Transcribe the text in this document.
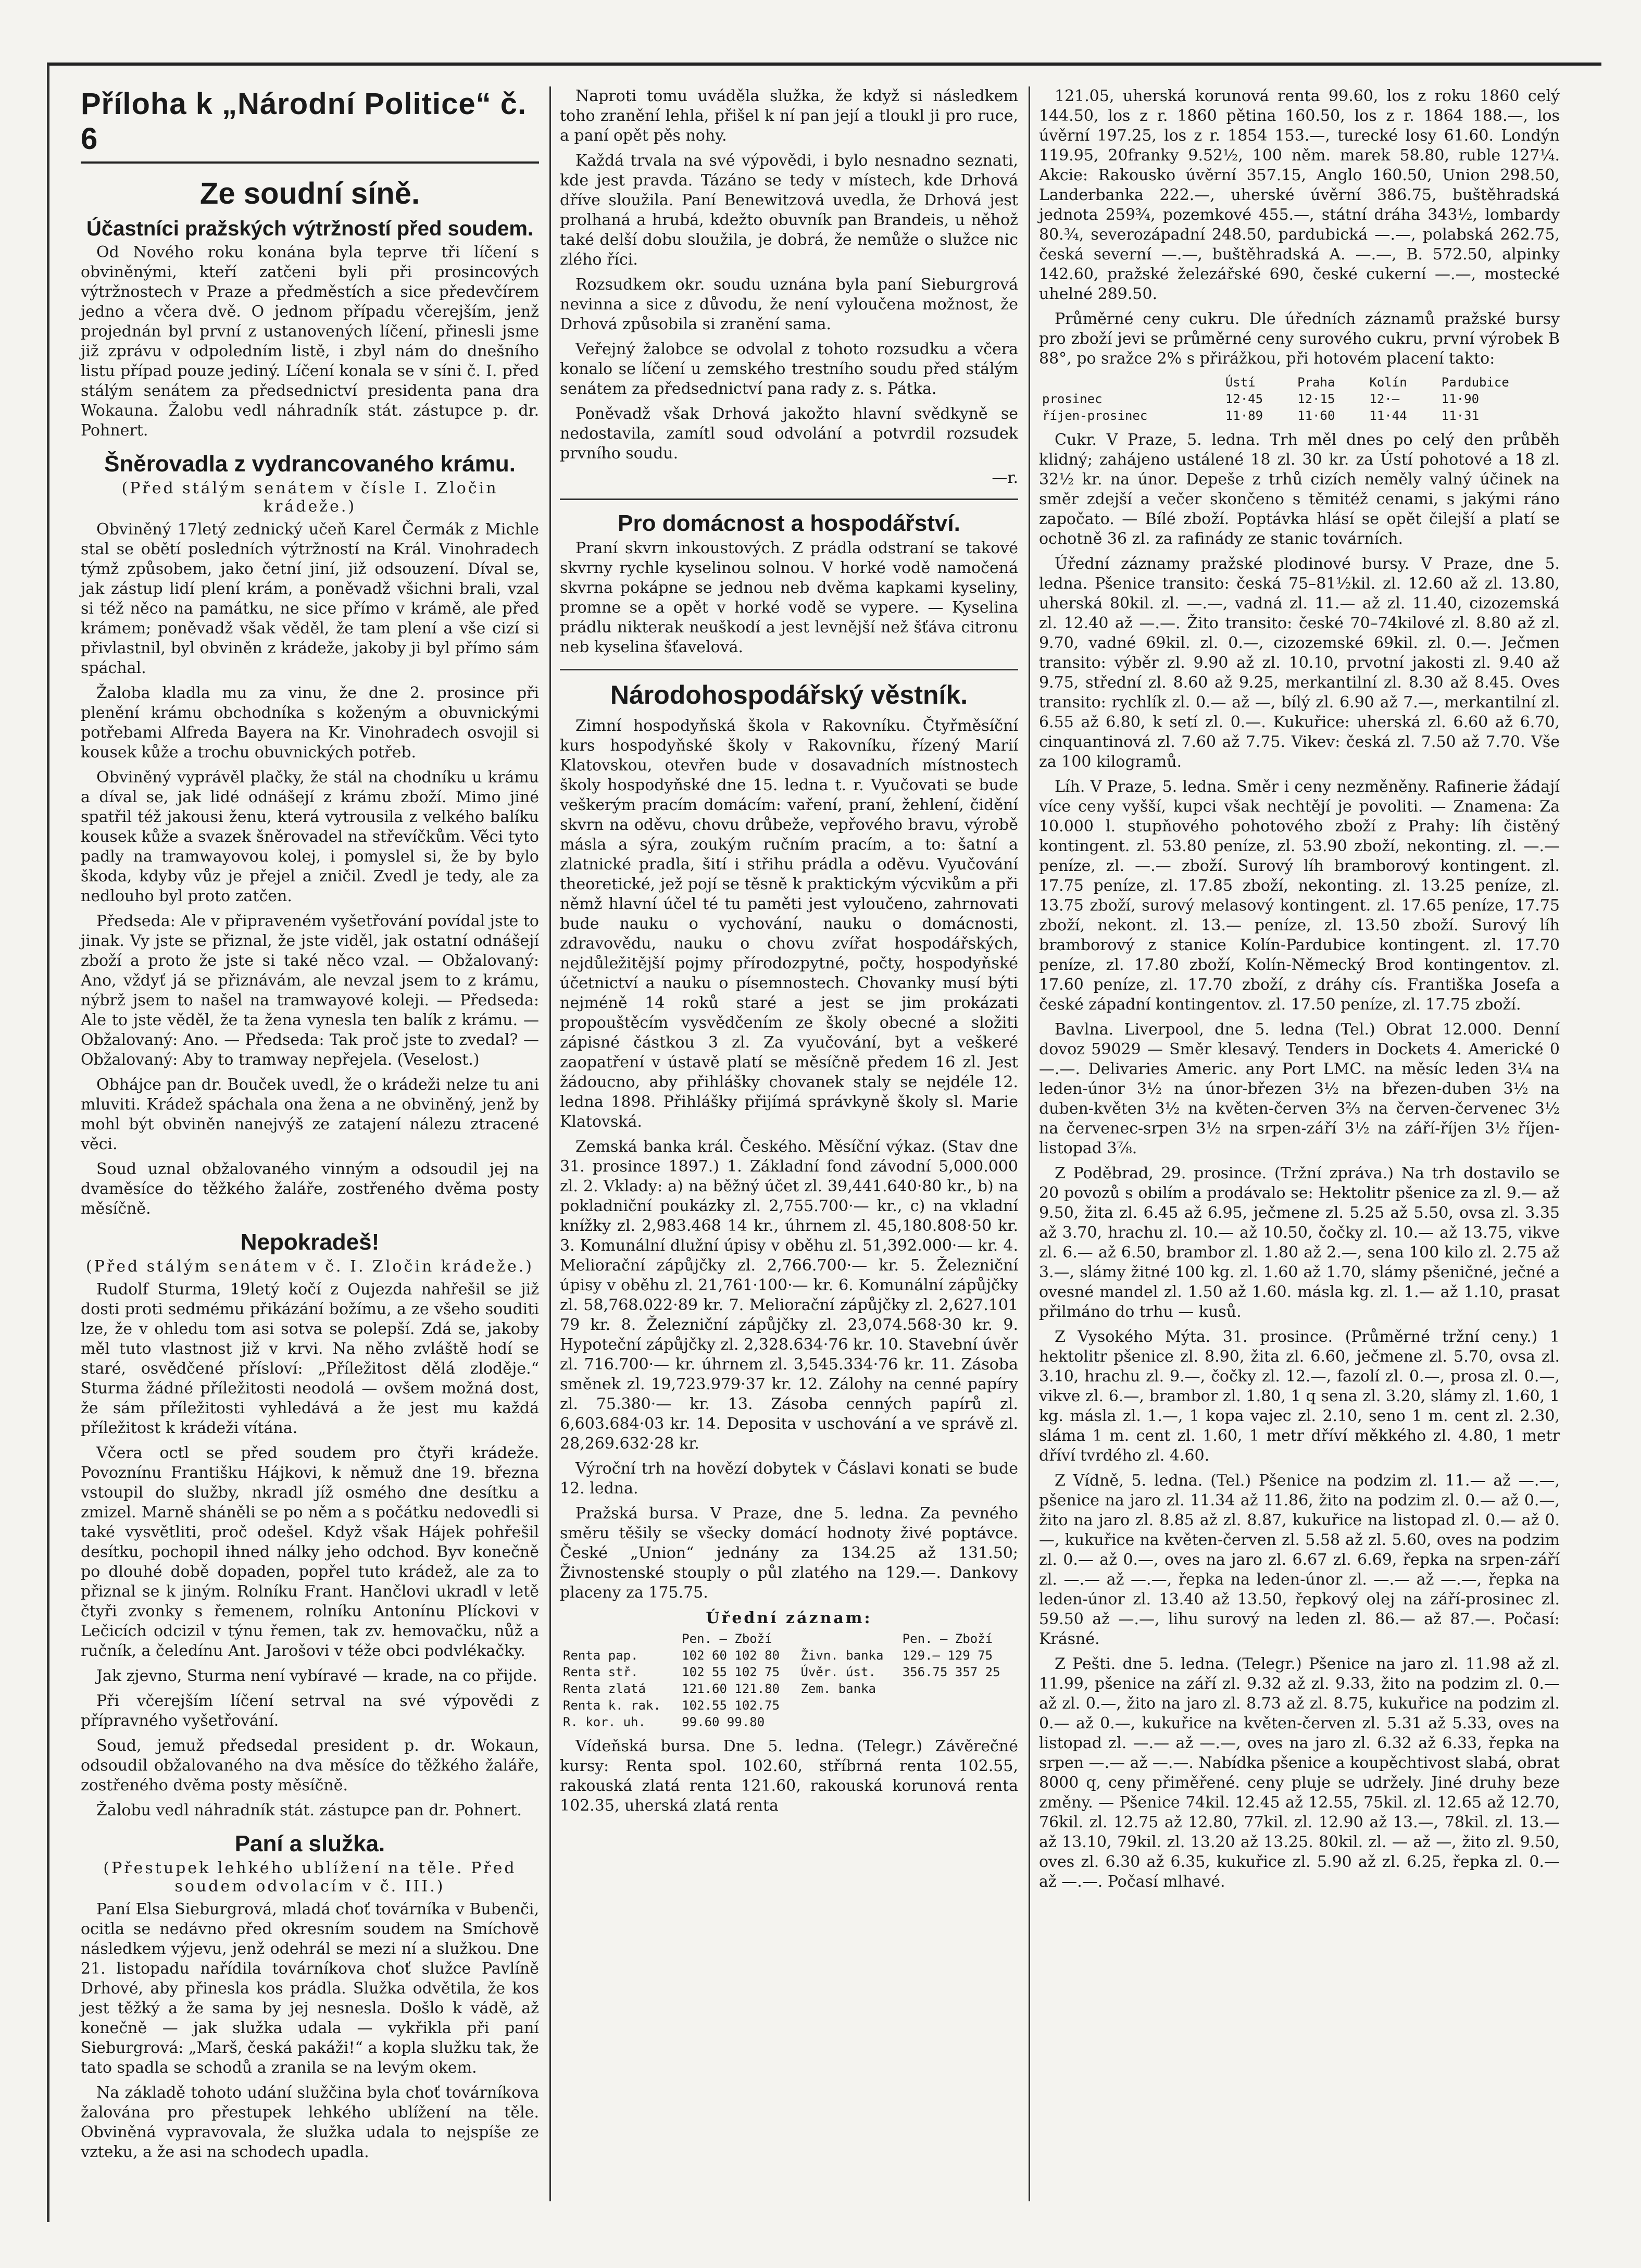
Příloha k „Národní Politice“ č. 6
Ze soudní síně.
Účastníci pražských výtržností před soudem.

Od Nového roku konána byla teprve tři líčení s obviněnými, kteří zatčeni byli při prosincových výtržnostech v Praze a předměstích a sice předevčírem jedno a včera dvě. O jednom případu včerejším, jenž projednán byl první z ustanovených líčení, přinesli jsme již zprávu v odpoledním listě, i zbyl nám do dnešního listu případ pouze jediný. Líčení konala se v síni č. I. před stálým senátem za předsednictví presidenta pana dra Wokauna. Žalobu vedl náhradník stát. zástupce p. dr. Pohnert.

Šněrovadla z vydrancovaného krámu.
(Před stálým senátem v čísle I. Zločin krádeže.)

Obviněný 17letý zednický učeň Karel Čermák z Michle stal se obětí posledních výtržností na Král. Vinohradech týmž způsobem, jako četní jiní, již odsouzení. Díval se, jak zástup lidí plení krám, a poněvadž všichni brali, vzal si též něco na památku, ne sice přímo v krámě, ale před krámem; poněvadž však věděl, že tam plení a vše cizí si přivlastnil, byl obviněn z krádeže, jakoby ji byl přímo sám spáchal.

Žaloba kladla mu za vinu, že dne 2. prosince při plenění krámu obchodníka s koženým a obuvnickými potřebami Alfreda Bayera na Kr. Vinohradech osvojil si kousek kůže a trochu obuvnických potřeb.

Obviněný vyprávěl plačky, že stál na chodníku u krámu a díval se, jak lidé odnášejí z krámu zboží. Mimo jiné spatřil též jakousi ženu, která vytrousila z velkého balíku kousek kůže a svazek šněrovadel na střevíčkům. Věci tyto padly na tramwayovou kolej, i pomyslel si, že by bylo škoda, kdyby vůz je přejel a zničil. Zvedl je tedy, ale za nedlouho byl proto zatčen.

Předseda: Ale v připraveném vyšetřování povídal jste to jinak. Vy jste se přiznal, že jste viděl, jak ostatní odnášejí zboží a proto že jste si také něco vzal. — Obžalovaný: Ano, vždyť já se přiznávám, ale nevzal jsem to z krámu, nýbrž jsem to našel na tramwayové koleji. — Předseda: Ale to jste věděl, že ta žena vynesla ten balík z krámu. — Obžalovaný: Ano. — Předseda: Tak proč jste to zvedal? — Obžalovaný: Aby to tramway nepřejela. (Veselost.)

Obhájce pan dr. Bouček uvedl, že o krádeži nelze tu ani mluviti. Krádež spáchala ona žena a ne obviněný, jenž by mohl být obviněn nanejvýš ze zatajení nálezu ztracené věci.

Soud uznal obžalovaného vinným a odsoudil jej na dvaměsíce do těžkého žaláře, zostřeného dvěma posty měsíčně.

Nepokradeš!
(Před stálým senátem v č. I. Zločin krádeže.)

Rudolf Sturma, 19letý kočí z Oujezda nahřešil se již dosti proti sedmému přikázání božímu, a ze všeho souditi lze, že v ohledu tom asi sotva se polepší. Zdá se, jakoby měl tuto vlastnost již v krvi. Na něho zvláště hodí se staré, osvědčené přísloví: „Příležitost dělá zloděje.“ Sturma žádné příležitosti neodolá — ovšem možná dost, že sám příležitosti vyhledává a že jest mu každá příležitost k krádeži vítána.

Včera octl se před soudem pro čtyři krádeže. Povoznínu Františku Hájkovi, k němuž dne 19. března vstoupil do služby, nkradl jíž osmého dne desítku a zmizel. Marně sháněli se po něm a s počátku nedovedli si také vysvětliti, proč odešel. Když však Hájek pohřešil desítku, pochopil ihned nálky jeho odchod. Byv konečně po dlouhé době dopaden, popřel tuto krádež, ale za to přiznal se k jiným. Rolníku Frant. Hančlovi ukradl v letě čtyři zvonky s řemenem, rolníku Antonínu Plíckovi v Lečicích odcizil v týnu řemen, tak zv. hemovačku, nůž a ručník, a čeledínu Ant. Jarošovi v téže obci podvlékačky.

Jak zjevno, Sturma není vybíravé — krade, na co přijde.

Při včerejším líčení setrval na své výpovědi z přípravného vyšetřování.

Soud, jemuž předsedal president p. dr. Wokaun, odsoudil obžalovaného na dva měsíce do těžkého žaláře, zostřeného dvěma posty měsíčně.

Žalobu vedl náhradník stát. zástupce pan dr. Pohnert.

Paní a služka.
(Přestupek lehkého ublížení na těle. Před soudem odvolacím v č. III.)

Paní Elsa Sieburgrová, mladá choť továrníka v Bubenči, ocitla se nedávno před okresním soudem na Smíchově následkem výjevu, jenž odehrál se mezi ní a služkou. Dne 21. listopadu nařídila továrníkova choť služce Pavlíně Drhové, aby přinesla kos prádla. Služka odvětila, že kos jest těžký a že sama by jej nesnesla. Došlo k vádě, až konečně — jak služka udala — vykřikla při paní Sieburgrová: „Marš, česká pakáži!“ a kopla služku tak, že tato spadla se schodů a zranila se na levým okem.

Na základě tohoto udání služčina byla choť továrníkova žalována pro přestupek lehkého ublížení na těle. Obviněná vypravovala, že služka udala to nejspíše ze vzteku, a že asi na schodech upadla.

Naproti tomu uváděla služka, že když si následkem toho zranění lehla, přišel k ní pan její a tloukl ji pro ruce, a paní opět pěs nohy.

Každá trvala na své výpovědi, i bylo nesnadno seznati, kde jest pravda. Tázáno se tedy v místech, kde Drhová dříve sloužila. Paní Benewitzová uvedla, že Drhová jest prolhaná a hrubá, kdežto obuvník pan Brandeis, u něhož také delší dobu sloužila, je dobrá, že nemůže o služce nic zlého říci.

Rozsudkem okr. soudu uznána byla paní Sieburgrová nevinna a sice z důvodu, že není vyloučena možnost, že Drhová způsobila si zranění sama.

Veřejný žalobce se odvolal z tohoto rozsudku a včera konalo se líčení u zemského trestního soudu před stálým senátem za předsednictví pana rady z. s. Pátka.

Poněvadž však Drhová jakožto hlavní svědkyně se nedostavila, zamítl soud odvolání a potvrdil rozsudek prvního soudu.

—r.
Pro domácnost a hospodářství.

Praní skvrn inkoustových. Z prádla odstraní se takové skvrny rychle kyselinou solnou. V horké vodě namočená skvrna pokápne se jednou neb dvěma kapkami kyseliny, promne se a opět v horké vodě se vypere. — Kyselina prádlu nikterak neuškodí a jest levnější než šťáva citronu neb kyselina šťavelová.

Národohospodářský věstník.

Zimní hospodyňská škola v Rakovníku. Čtyřměsíční kurs hospodyňské školy v Rakovníku, řízený Marií Klatovskou, otevřen bude v dosavadních místnostech školy hospodyňské dne 15. ledna t. r. Vyučovati se bude veškerým pracím domácím: vaření, praní, žehlení, čidění skvrn na oděvu, chovu drůbeže, vepřového bravu, výrobě másla a sýra, zoukým ručním pracím, a to: šatní a zlatnické pradla, šití i střihu prádla a oděvu. Vyučování theoretické, jež pojí se těsně k praktickým výcvikům a při němž hlavní účel té tu paměti jest vyloučeno, zahrnovati bude nauku o vychování, nauku o domácnosti, zdravovědu, nauku o chovu zvířat hospodářských, nejdůležitější pojmy přírodozpytné, počty, hospodyňské účetnictví a nauku o písemnostech. Chovanky musí býti nejméně 14 roků staré a jest se jim prokázati propouštěcím vysvědčením ze školy obecné a složiti zápisné částkou 3 zl. Za vyučování, byt a veškeré zaopatření v ústavě platí se měsíčně předem 16 zl. Jest žádoucno, aby přihlášky chovanek staly se nejdéle 12. ledna 1898. Přihlášky přijímá správkyně školy sl. Marie Klatovská.

Zemská banka král. Českého. Měsíční výkaz. (Stav dne 31. prosince 1897.) 1. Základní fond závodní 5,000.000 zl. 2. Vklady: a) na běžný účet zl. 39,441.640·80 kr., b) na pokladniční poukázky zl. 2,755.700·— kr., c) na vkladní knížky zl. 2,983.468 14 kr., úhrnem zl. 45,180.808·50 kr. 3. Komunální dlužní úpisy v oběhu zl. 51,392.000·— kr. 4. Meliorační zápůjčky zl. 2,766.700·— kr. 5. Železniční úpisy v oběhu zl. 21,761·100·— kr. 6. Komunální zápůjčky zl. 58,768.022·89 kr. 7. Meliorační zápůjčky zl. 2,627.101 79 kr. 8. Železniční zápůjčky zl. 23,074.568·30 kr. 9. Hypoteční zápůjčky zl. 2,328.634·76 kr. 10. Stavební úvěr zl. 716.700·— kr. úhrnem zl. 3,545.334·76 kr. 11. Zásoba směnek zl. 19,723.979·37 kr. 12. Zálohy na cenné papíry zl. 75.380·— kr. 13. Zásoba cenných papírů zl. 6,603.684·03 kr. 14. Deposita v uschování a ve správě zl. 28,269.632·28 kr.

Výroční trh na hovězí dobytek v Čáslavi konati se bude 12. ledna.

Pražská bursa. V Praze, dne 5. ledna. Za pevného směru těšily se všecky domácí hodnoty živé poptávce. České „Union“ jednány za 134.25 až 131.50; Živnostenské stouply o půl zlatého na 129.—. Dankovy placeny za 175.75.

Úřední záznam:
	Pen. — Zboží		Pen. — Zboží
Renta pap.	102 60 102 80	Živn. banka	129.— 129 75
Renta stř.	102 55 102 75	Úvěr. úst.	356.75 357 25
Renta zlatá	121.60 121.80	Zem. banka	
Renta k. rak.	102.55 102.75		
R. kor. uh.	99.60 99.80		

Vídeňská bursa. Dne 5. ledna. (Telegr.) Závěrečné kursy: Renta spol. 102.60, stříbrná renta 102.55, rakouská zlatá renta 121.60, rakouská korunová renta 102.35, uherská zlatá renta

121.05, uherská korunová renta 99.60, los z roku 1860 celý 144.50, los z r. 1860 pětina 160.50, los z r. 1864 188.—, los úvěrní 197.25, los z r. 1854 153.—, turecké losy 61.60. Londýn 119.95, 20franky 9.52½, 100 něm. marek 58.80, ruble 127¼. Akcie: Rakousko úvěrní 357.15, Anglo 160.50, Union 298.50, Landerbanka 222.—, uherské úvěrní 386.75, buštěhradská jednota 259¾, pozemkové 455.—, státní dráha 343½, lombardy 80.¾, severozápadní 248.50, pardubická —.—, polabská 262.75, česká severní —.—, buštěhradská A. —.—, B. 572.50, alpinky 142.60, pražské železářské 690, české cukerní —.—, mostecké uhelné 289.50.

Průměrné ceny cukru. Dle úředních záznamů pražské bursy pro zboží jevi se průměrné ceny surového cukru, první výrobek B 88°, po sražce 2% s přirážkou, při hotovém placení takto:

	Ústí	Praha	Kolín	Pardubice
prosinec	12·45	12·15	12·—	11·90
říjen-prosinec	11·89	11·60	11·44	11·31

Cukr. V Praze, 5. ledna. Trh měl dnes po celý den průběh klidný; zahájeno ustálené 18 zl. 30 kr. za Ústí pohotové a 18 zl. 32½ kr. na únor. Depeše z trhů cizích neměly valný účinek na směr zdejší a večer skončeno s těmitéž cenami, s jakými ráno započato. — Bílé zboží. Poptávka hlásí se opět čilejší a platí se ochotně 36 zl. za rafinády ze stanic továrních.

Úřední záznamy pražské plodinové bursy. V Praze, dne 5. ledna. Pšenice transito: česká 75–81½kil. zl. 12.60 až zl. 13.80, uherská 80kil. zl. —.—, vadná zl. 11.— až zl. 11.40, cizozemská zl. 12.40 až —.—. Žito transito: české 70–74kilové zl. 8.80 až zl. 9.70, vadné 69kil. zl. 0.—, cizozemské 69kil. zl. 0.—. Ječmen transito: výběr zl. 9.90 až zl. 10.10, prvotní jakosti zl. 9.40 až 9.75, střední zl. 8.60 až 9.25, merkantilní zl. 8.30 až 8.45. Oves transito: rychlík zl. 0.— až —, bílý zl. 6.90 až 7.—, merkantilní zl. 6.55 až 6.80, k setí zl. 0.—. Kukuřice: uherská zl. 6.60 až 6.70, cinquantinová zl. 7.60 až 7.75. Vikev: česká zl. 7.50 až 7.70. Vše za 100 kilogramů.

Líh. V Praze, 5. ledna. Směr i ceny nezměněny. Rafinerie žádají více ceny vyšší, kupci však nechtějí je povoliti. — Znamena: Za 10.000 l. stupňového pohotového zboží z Prahy: líh čistěný kontingent. zl. 53.80 peníze, zl. 53.90 zboží, nekonting. zl. —.— peníze, zl. —.— zboží. Surový líh bramborový kontingent. zl. 17.75 peníze, zl. 17.85 zboží, nekonting. zl. 13.25 peníze, zl. 13.75 zboží, surový melasový kontingent. zl. 17.65 peníze, 17.75 zboží, nekont. zl. 13.— peníze, zl. 13.50 zboží. Surový líh bramborový z stanice Kolín-Pardubice kontingent. zl. 17.70 peníze, zl. 17.80 zboží, Kolín-Německý Brod kontingentov. zl. 17.60 peníze, zl. 17.70 zboží, z dráhy cís. Františka Josefa a české západní kontingentov. zl. 17.50 peníze, zl. 17.75 zboží.

Bavlna. Liverpool, dne 5. ledna (Tel.) Obrat 12.000. Denní dovoz 59029 — Směr klesavý. Tenders in Dockets 4. Americké 0 —.—. Delivaries Americ. any Port LMC. na měsíc leden 3¼ na leden-únor 3½ na únor-březen 3½ na březen-duben 3½ na duben-květen 3½ na květen-červen 3⅔ na červen-červenec 3½ na červenec-srpen 3½ na srpen-září 3½ na září-říjen 3½ říjen-listopad 3⅞.

Z Poděbrad, 29. prosince. (Tržní zpráva.) Na trh dostavilo se 20 povozů s obilím a prodávalo se: Hektolitr pšenice za zl. 9.— až 9.50, žita zl. 6.45 až 6.95, ječmene zl. 5.25 až 5.50, ovsa zl. 3.35 až 3.70, hrachu zl. 10.— až 10.50, čočky zl. 10.— až 13.75, vikve zl. 6.— až 6.50, brambor zl. 1.80 až 2.—, sena 100 kilo zl. 2.75 až 3.—, slámy žitné 100 kg. zl. 1.60 až 1.70, slámy pšeničné, ječné a ovesné mandel zl. 1.50 až 1.60. másla kg. zl. 1.— až 1.10, prasat přilmáno do trhu — kusů.

Z Vysokého Mýta. 31. prosince. (Průměrné tržní ceny.) 1 hektolitr pšenice zl. 8.90, žita zl. 6.60, ječmene zl. 5.70, ovsa zl. 3.10, hrachu zl. 9.—, čočky zl. 12.—, fazolí zl. 0.—, prosa zl. 0.—, vikve zl. 6.—, brambor zl. 1.80, 1 q sena zl. 3.20, slámy zl. 1.60, 1 kg. másla zl. 1.—, 1 kopa vajec zl. 2.10, seno 1 m. cent zl. 2.30, sláma 1 m. cent zl. 1.60, 1 metr dříví měkkého zl. 4.80, 1 metr dříví tvrdého zl. 4.60.

Z Vídně, 5. ledna. (Tel.) Pšenice na podzim zl. 11.— až —.—, pšenice na jaro zl. 11.34 až 11.86, žito na podzim zl. 0.— až 0.—, žito na jaro zl. 8.85 až zl. 8.87, kukuřice na listopad zl. 0.— až 0.—, kukuřice na květen-červen zl. 5.58 až zl. 5.60, oves na podzim zl. 0.— až 0.—, oves na jaro zl. 6.67 zl. 6.69, řepka na srpen-září zl. —.— až —.—, řepka na leden-únor zl. —.— až —.—, řepka na leden-únor zl. 13.40 až 13.50, řepkový olej na září-prosinec zl. 59.50 až —.—, lihu surový na leden zl. 86.— až 87.—. Počasí: Krásné.

Z Pešti. dne 5. ledna. (Telegr.) Pšenice na jaro zl. 11.98 až zl. 11.99, pšenice na září zl. 9.32 až zl. 9.33, žito na podzim zl. 0.— až zl. 0.—, žito na jaro zl. 8.73 až zl. 8.75, kukuřice na podzim zl. 0.— až 0.—, kukuřice na květen-červen zl. 5.31 až 5.33, oves na listopad zl. —.— až —.—, oves na jaro zl. 6.32 až 6.33, řepka na srpen —.— až —.—. Nabídka pšenice a koupěchtivost slabá, obrat 8000 q, ceny přiměřené. ceny pluje se udržely. Jiné druhy beze změny. — Pšenice 74kil. 12.45 až 12.55, 75kil. zl. 12.65 až 12.70, 76kil. zl. 12.75 až 12.80, 77kil. zl. 12.90 až 13.—, 78kil. zl. 13.— až 13.10, 79kil. zl. 13.20 až 13.25. 80kil. zl. — až —, žito zl. 9.50, oves zl. 6.30 až 6.35, kukuřice zl. 5.90 až zl. 6.25, řepka zl. 0.— až —.—. Počasí mlhavé.
